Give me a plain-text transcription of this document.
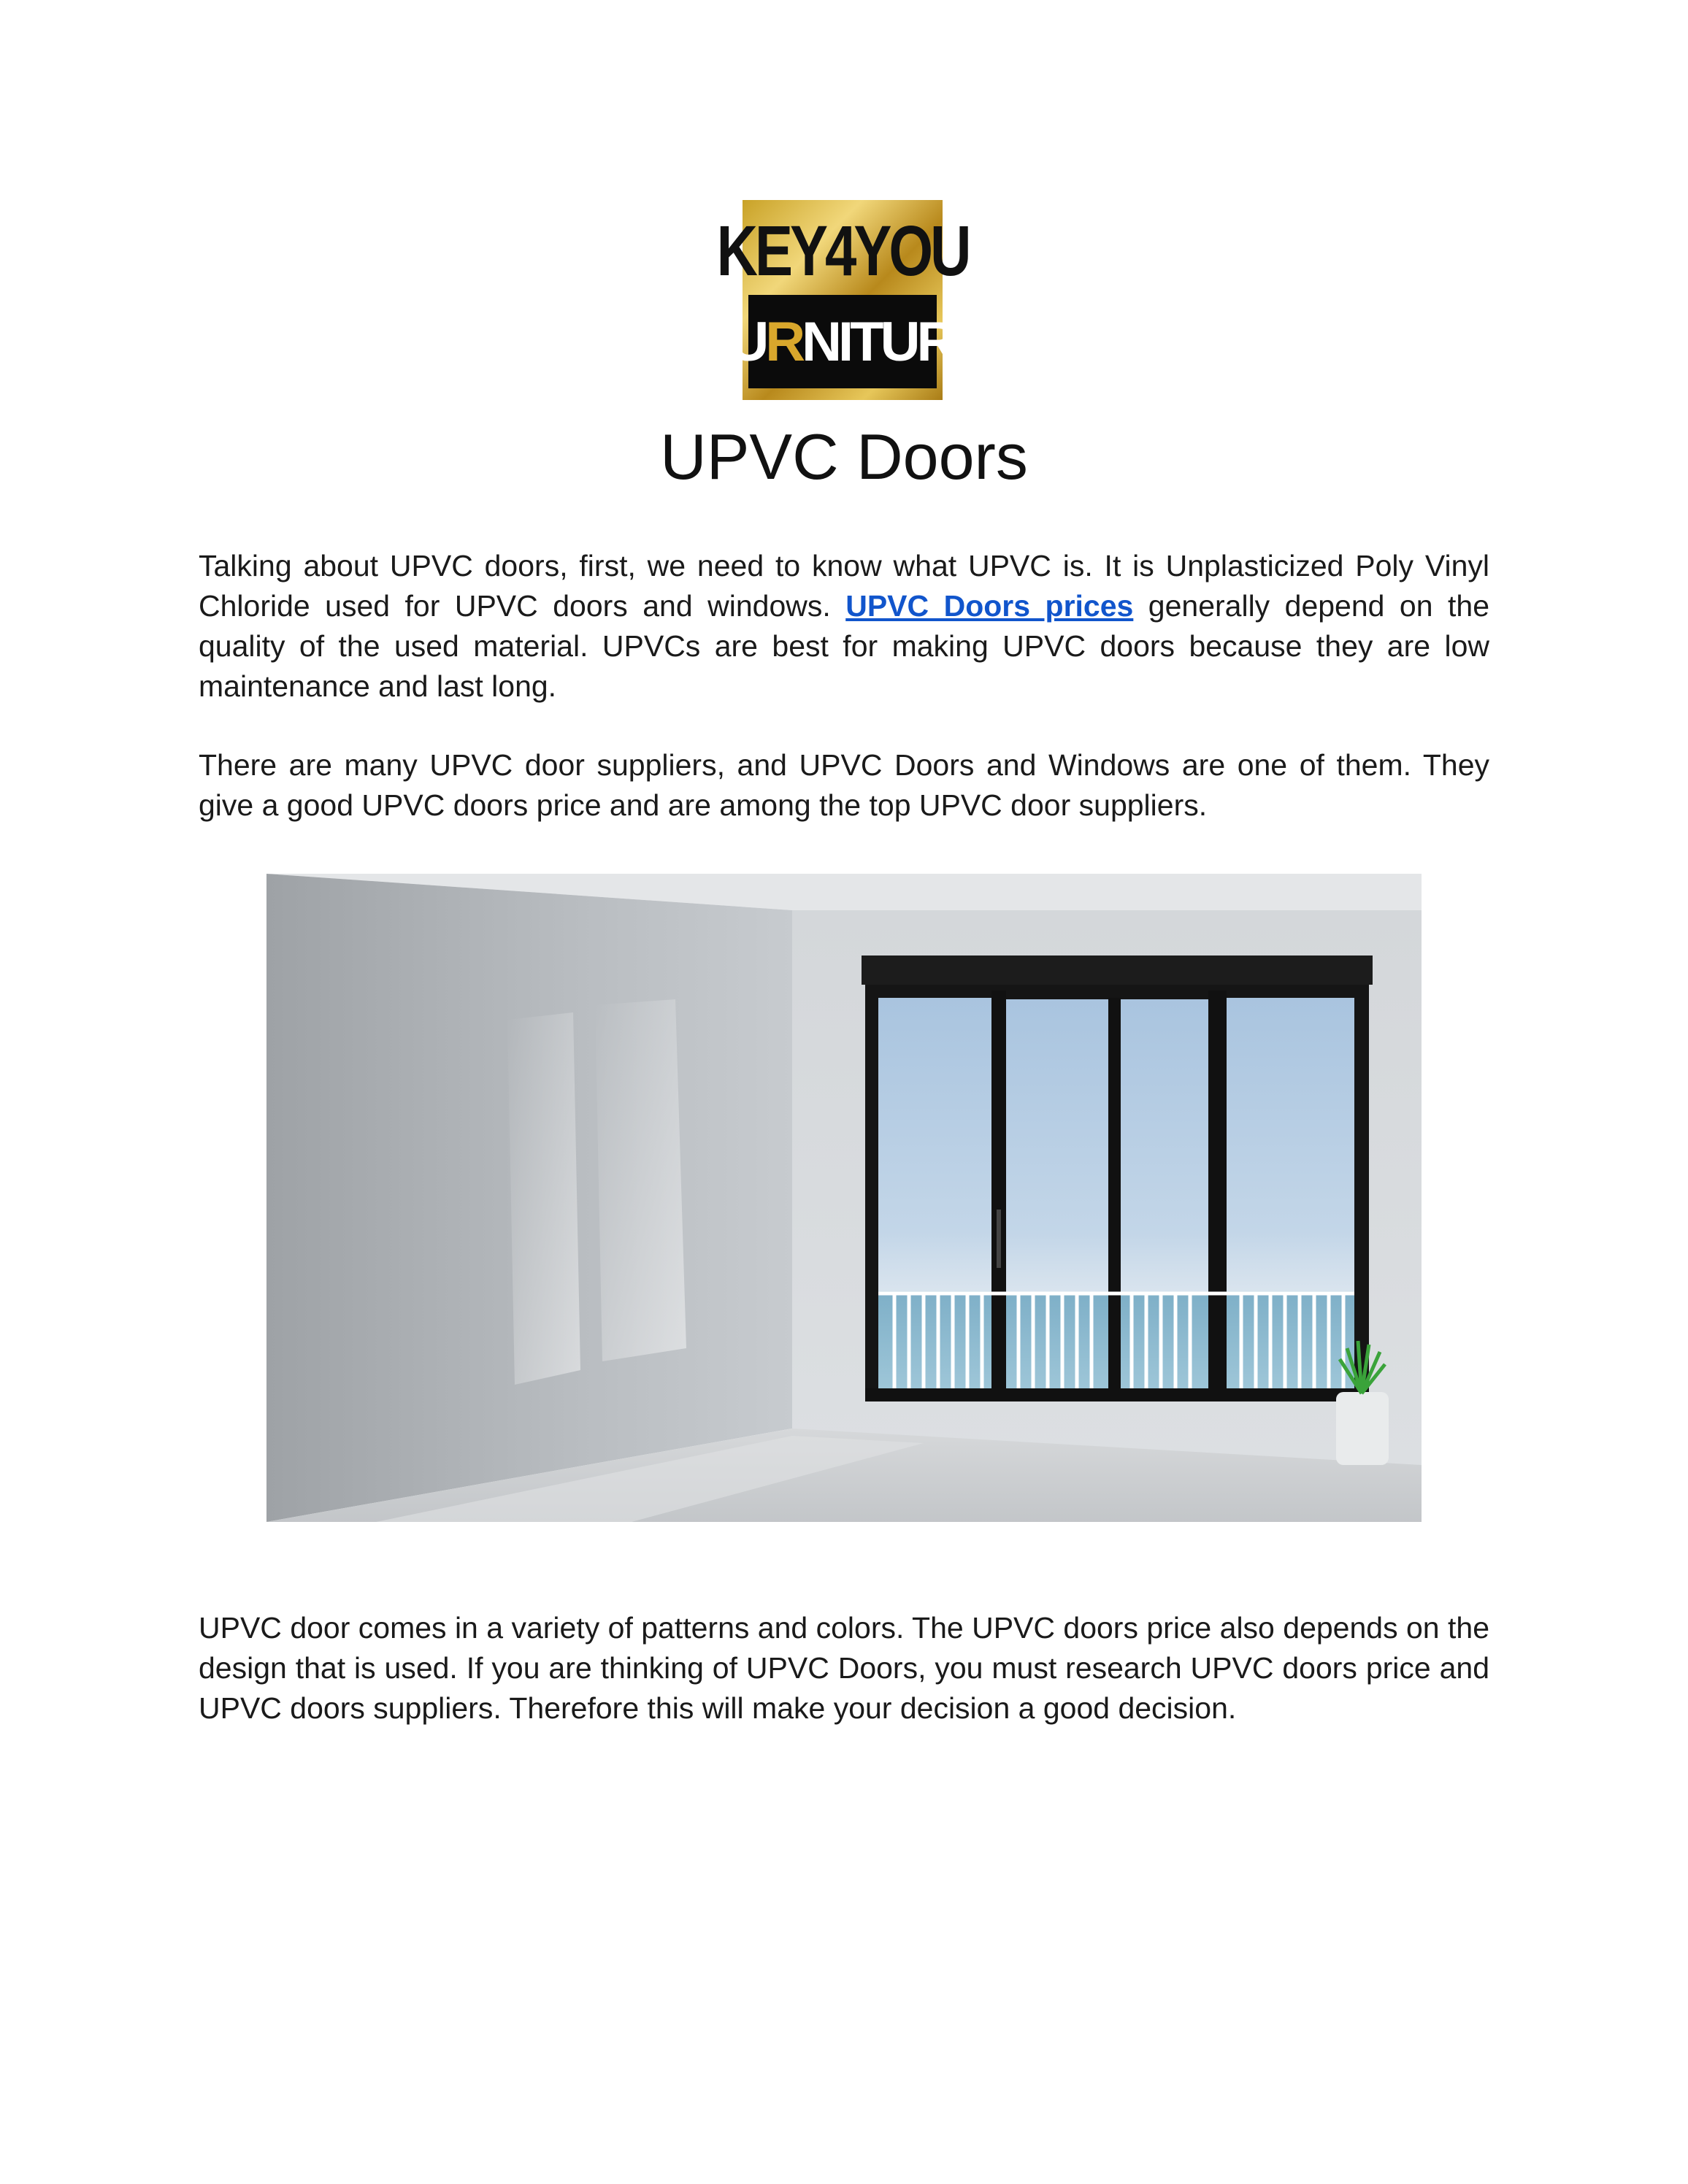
KEY4YOU
FU R NITURE
UPVC Doors

Talking about UPVC doors, first, we need to know what UPVC is. It is Unplasticized Poly Vinyl Chloride used for UPVC doors and windows. UPVC Doors prices generally depend on the quality of the used material. UPVCs are best for making UPVC doors because they are low maintenance and last long.

There are many UPVC door suppliers, and UPVC Doors and Windows are one of them. They give a good UPVC doors price and are among the top UPVC door suppliers.

UPVC door comes in a variety of patterns and colors. The UPVC doors price also depends on the design that is used. If you are thinking of UPVC Doors, you must research UPVC doors price and UPVC doors suppliers. Therefore this will make your decision a good decision.
